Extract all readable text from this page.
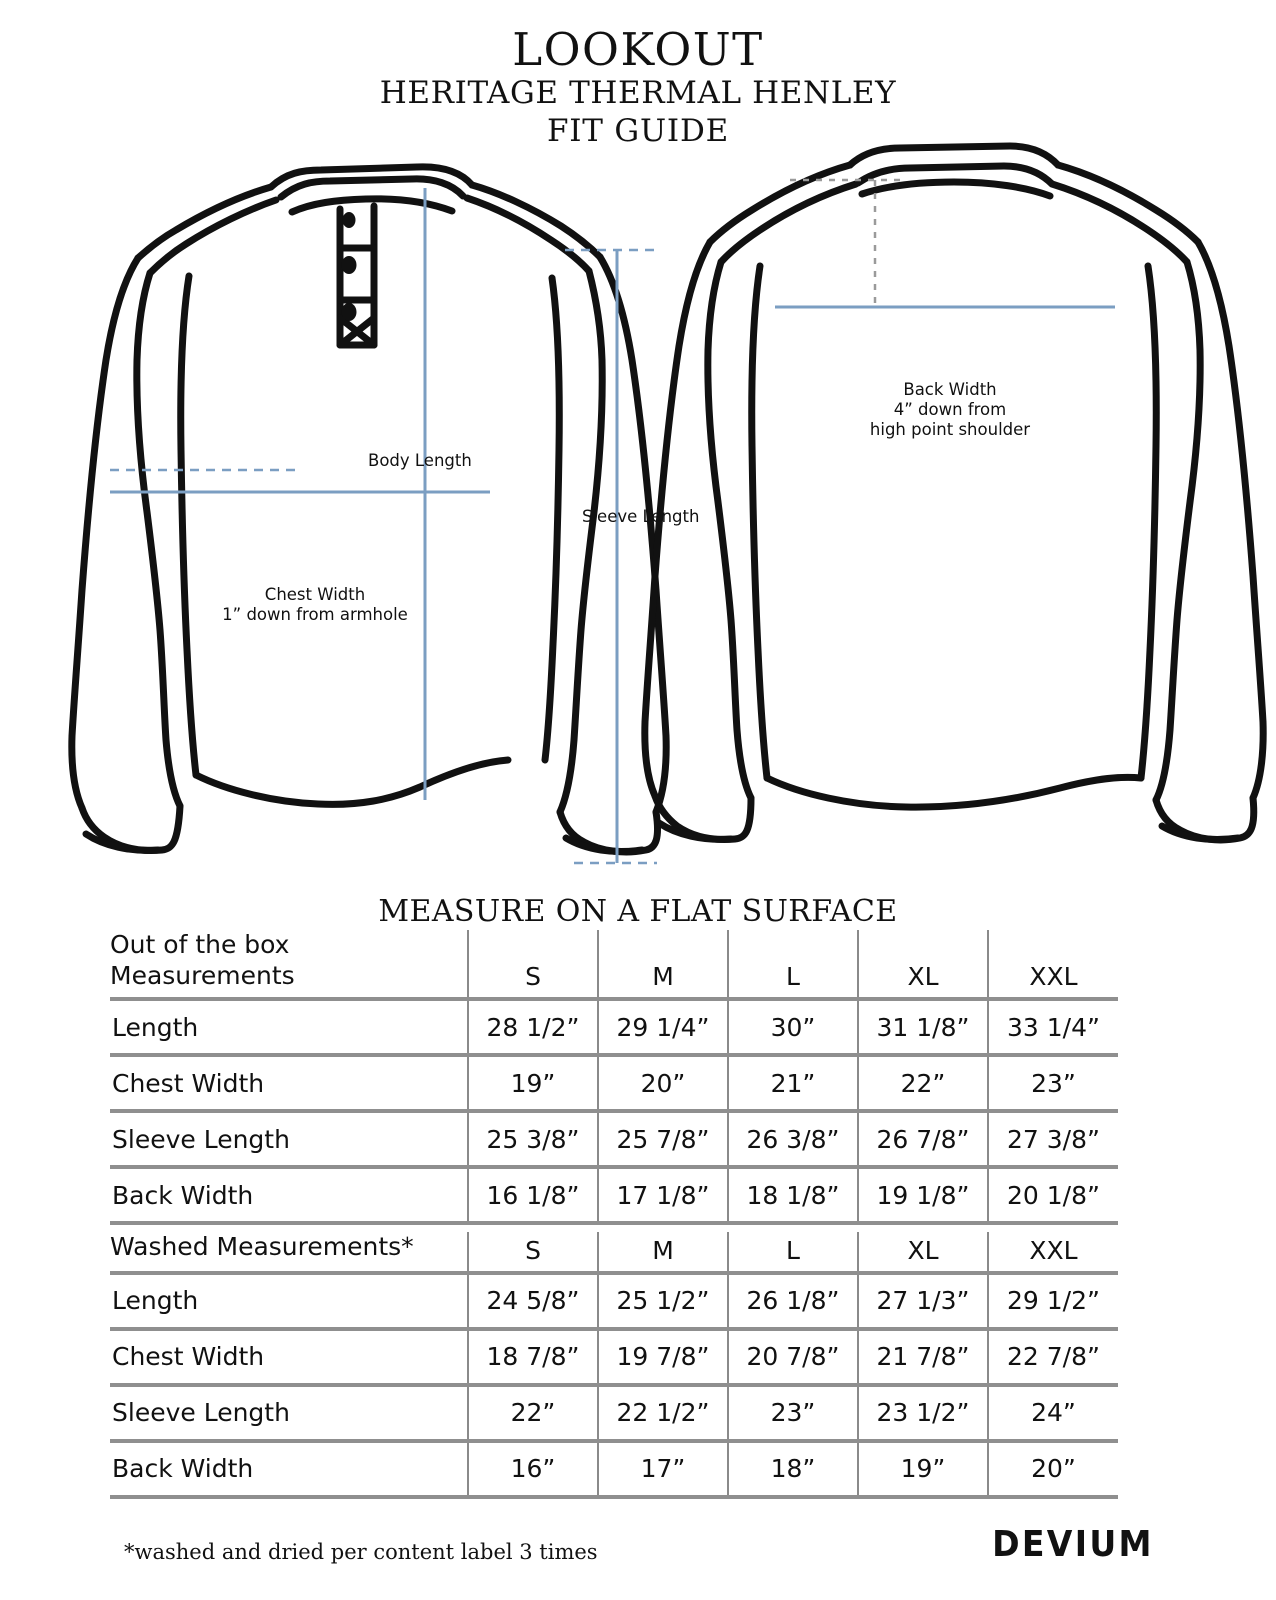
LOOKOUT
HERITAGE THERMAL HENLEY
FIT GUIDE
Body Length
Sleeve Length
Chest Width
1” down from armhole
Back Width
4” down from
high point shoulder
MEASURE ON A FLAT SURFACE
Out of the box
Measurements	S	M	L	XL	XXL
Length	28 1/2”	29 1/4”	30”	31 1/8”	33 1/4”
Chest Width	19”	20”	21”	22”	23”
Sleeve Length	25 3/8”	25 7/8”	26 3/8”	26 7/8”	27 3/8”
Back Width	16 1/8”	17 1/8”	18 1/8”	19 1/8”	20 1/8”
Washed Measurements*	S	M	L	XL	XXL
Length	24 5/8”	25 1/2”	26 1/8”	27 1/3”	29 1/2”
Chest Width	18 7/8”	19 7/8”	20 7/8”	21 7/8”	22 7/8”
Sleeve Length	22”	22 1/2”	23”	23 1/2”	24”
Back Width	16”	17”	18”	19”	20”
*washed and dried per content label 3 times	DEVIUM
